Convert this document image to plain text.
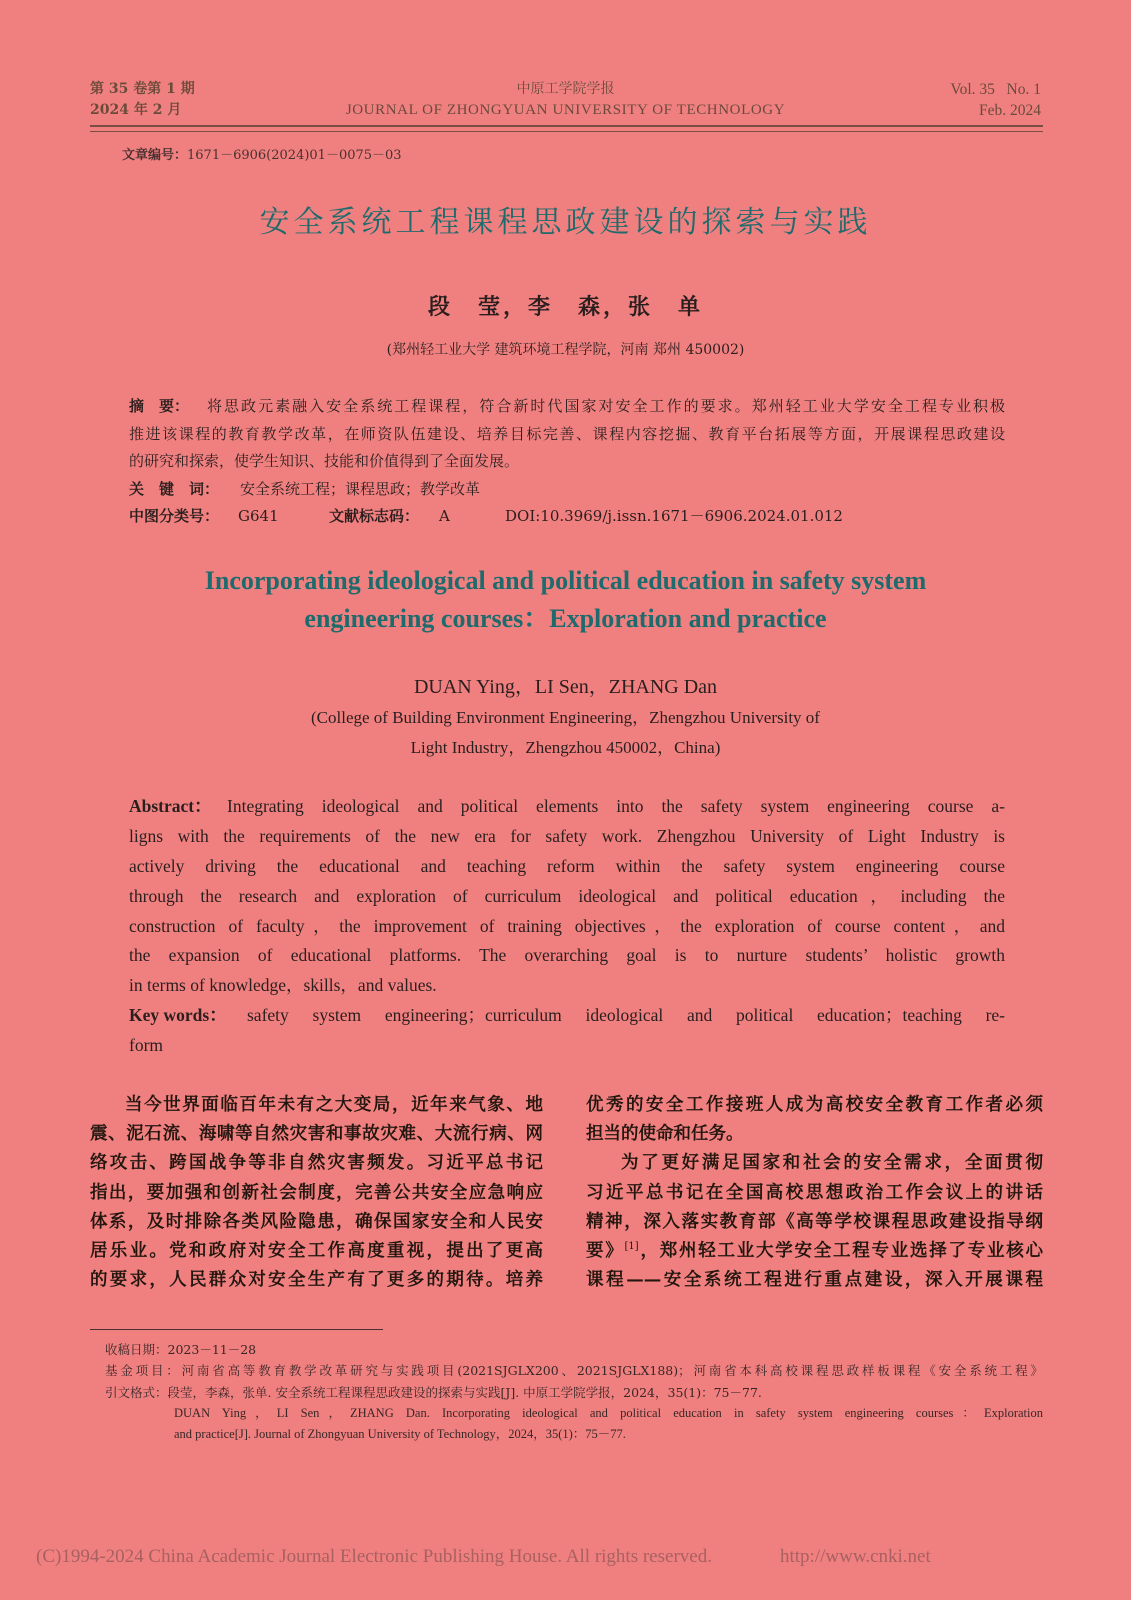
第 35 卷第 1 期
2024 年 2 月
中原工学院学报
JOURNAL OF ZHONGYUAN UNIVERSITY OF TECHNOLOGY
Vol. 35   No. 1
Feb. 2024
文章编号：1671－6906(2024)01－0075－03
安全系统工程课程思政建设的探索与实践
段　莹，李　森，张　单
(郑州轻工业大学 建筑环境工程学院，河南 郑州 450002)
摘　要：	将思政元素融入安全系统工程课程，符合新时代国家对安全工作的要求。郑州轻工业大学安全工程专业积极
推进该课程的教育教学改革，在师资队伍建设、培养目标完善、课程内容挖掘、教育平台拓展等方面，开展课程思政建设
的研究和探索，使学生知识、技能和价值得到了全面发展。
关　键　词：	安全系统工程；课程思政；教学改革
中图分类号： G641	文献标志码： A	DOI:10.3969/j.issn.1671－6906.2024.01.012
Incorporating ideological and political education in safety system
engineering courses：Exploration and practice
DUAN Ying，LI Sen，ZHANG Dan
(College of Building Environment Engineering，Zhengzhou University of
Light Industry，Zhengzhou 450002，China)
Abstract： Integrating ideological and political elements into the safety system engineering course a-
ligns with the requirements of the new era for safety work. Zhengzhou University of Light Industry is
actively driving the educational and teaching reform within the safety system engineering course
through the research and exploration of curriculum ideological and political education，including the
construction of faculty，the improvement of training objectives，the exploration of course content，and
the expansion of educational platforms. The overarching goal is to nurture students’ holistic growth
in terms of knowledge，skills，and values.
Key words：	safety system engineering；curriculum ideological and political education；teaching re-
form
当今世界面临百年未有之大变局，近年来气象、地
震、泥石流、海啸等自然灾害和事故灾难、大流行病、网
络攻击、跨国战争等非自然灾害频发。习近平总书记
指出，要加强和创新社会制度，完善公共安全应急响应
体系，及时排除各类风险隐患，确保国家安全和人民安
居乐业。党和政府对安全工作高度重视，提出了更高
的要求，人民群众对安全生产有了更多的期待。培养
优秀的安全工作接班人成为高校安全教育工作者必须
担当的使命和任务。
为了更好满足国家和社会的安全需求，全面贯彻
习近平总书记在全国高校思想政治工作会议上的讲话
精神，深入落实教育部《高等学校课程思政建设指导纲
要》[1]，郑州轻工业大学安全工程专业选择了专业核心
课程——安全系统工程进行重点建设，深入开展课程
收稿日期：2023－11－28
基金项目：河南省高等教育教学改革研究与实践项目(2021SJGLX200、2021SJGLX188)；河南省本科高校课程思政样板课程《安全系统工程》
引文格式：段莹，李森，张单. 安全系统工程课程思政建设的探索与实践[J]. 中原工学院学报，2024，35(1)：75－77.
DUAN Ying，LI Sen，ZHANG Dan. Incorporating ideological and political education in safety system engineering courses：Exploration
and practice[J]. Journal of Zhongyuan University of Technology，2024，35(1)：75－77.
(C)1994-2024 China Academic Journal Electronic Publishing House. All rights reserved.	http://www.cnki.net
